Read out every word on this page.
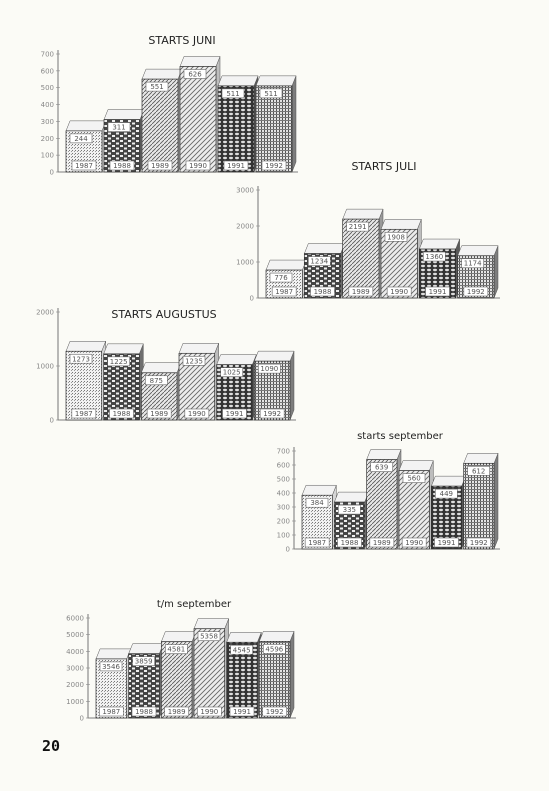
STARTS JUNI
0
100
200
300
400
500
600
700
244
1987
311
1988
551
1989
626
1990
511
1991
511
1992	STARTS JULI
0
1000
2000
3000
776
1987
1234
1988
2191
1989
1908
1990
1360
1991
1174
1992
STARTS AUGUSTUS
0
1000
2000
1273
1987
1225
1988
875
1989
1235
1990
1025
1991
1090
1992
starts september
0
100
200
300
400
500
600
700
384
1987
335
1988
639
1989
560
1990
449
1991
612
1992
t/m september
0
1000
2000
3000
4000
5000
6000
3546
1987
3859
1988
4581
1989
5358
1990
4545
1991
4596
1992
20
